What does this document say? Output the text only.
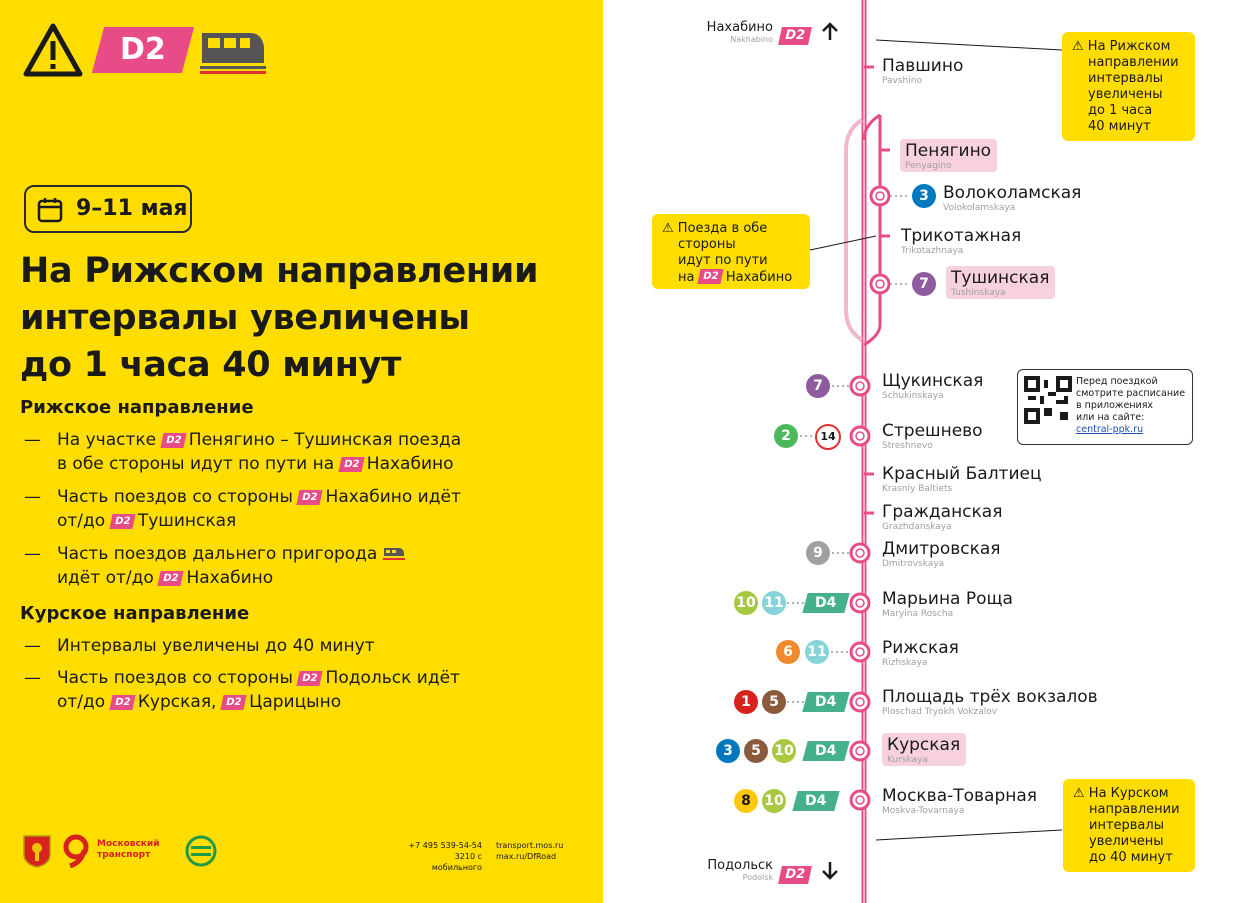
D2
9–11 мая
На Рижском направлении
интервалы увеличены
до 1 часа 40 минут
Рижское направление
— На участке D2 Пенягино – Тушинская поезда
в обе стороны идут по пути на D2 Нахабино
— Часть поездов со стороны D2 Нахабино идёт
от/до D2 Тушинская
— Часть поездов дальнего пригорода
идёт от/до D2 Нахабино
Курское направление
— Интервалы увеличены до 40 минут
— Часть поездов со стороны D2 Подольск идёт
от/до D2 Курская, D2 Царицыно
Московский
транспорт
+7 495 539-54-54
3210 с мобильного
transport.mos.ru
max.ru/DfRoad
Нахабино
Nakhabino D2
Подольск
Podolsk D2
Павшино
Pavshino
Пенягино
Penyagino
Волоколамская
Volokolamskaya
Трикотажная
Trikotazhnaya
Тушинская
Tushinskaya
Щукинская
Schukinskaya
Стрешнево
Streshnevo
Красный Балтиец
Krasniy Baltiets
Гражданская
Grazhdanskaya
Дмитровская
Dmitrovskaya
Марьина Роща
Maryina Roscha
Рижская
Rizhskaya
Площадь трёх вокзалов
Ploschad Tryokh Vokzalov
Курская
Kurskaya
Москва-Товарная
Moskva-Tovarnaya
3
7
7
2	14
9
10 11	D4
6	11
1	5	D4
3	5 10	D4
8 10	D4
⚠ На Рижском
направлении
интервалы
увеличены
до 1 часа
40 минут
⚠ Поезда в обе
стороны
идут по пути
на D2 Нахабино
⚠ На Курском
направлении
интервалы
увеличены
до 40 минут
Перед поездкой
смотрите расписание
в приложениях
или на сайте:
central-ppk.ru
